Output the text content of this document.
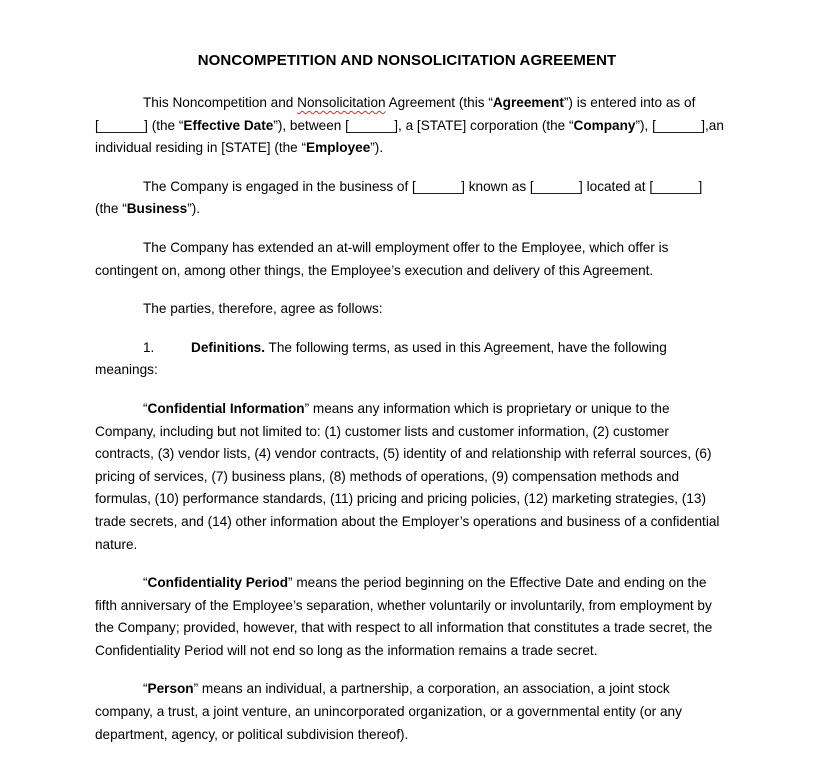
NONCOMPETITION AND NONSOLICITATION AGREEMENT

This Noncompetition and Nonsolicitation Agreement (this “Agreement”) is entered into as of [______] (the “Effective Date”), between [______], a [STATE] corporation (the “Company”), [______],an individual residing in [STATE] (the “Employee”).

The Company is engaged in the business of [______] known as [______] located at [______] (the “Business”).

The Company has extended an at-will employment offer to the Employee, which offer is contingent on, among other things, the Employee’s execution and delivery of this Agreement.

The parties, therefore, agree as follows:

1.	Definitions. The following terms, as used in this Agreement, have the following meanings:

“Confidential Information” means any information which is proprietary or unique to the Company, including but not limited to: (1) customer lists and customer information, (2) customer contracts, (3) vendor lists, (4) vendor contracts, (5) identity of and relationship with referral sources, (6) pricing of services, (7) business plans, (8) methods of operations, (9) compensation methods and formulas, (10) performance standards, (11) pricing and pricing policies, (12) marketing strategies, (13) trade secrets, and (14) other information about the Employer’s operations and business of a confidential nature.

“Confidentiality Period” means the period beginning on the Effective Date and ending on the fifth anniversary of the Employee’s separation, whether voluntarily or involuntarily, from employment by the Company; provided, however, that with respect to all information that constitutes a trade secret, the Confidentiality Period will not end so long as the information remains a trade secret.

“Person” means an individual, a partnership, a corporation, an association, a joint stock company, a trust, a joint venture, an unincorporated organization, or a governmental entity (or any department, agency, or political subdivision thereof).
